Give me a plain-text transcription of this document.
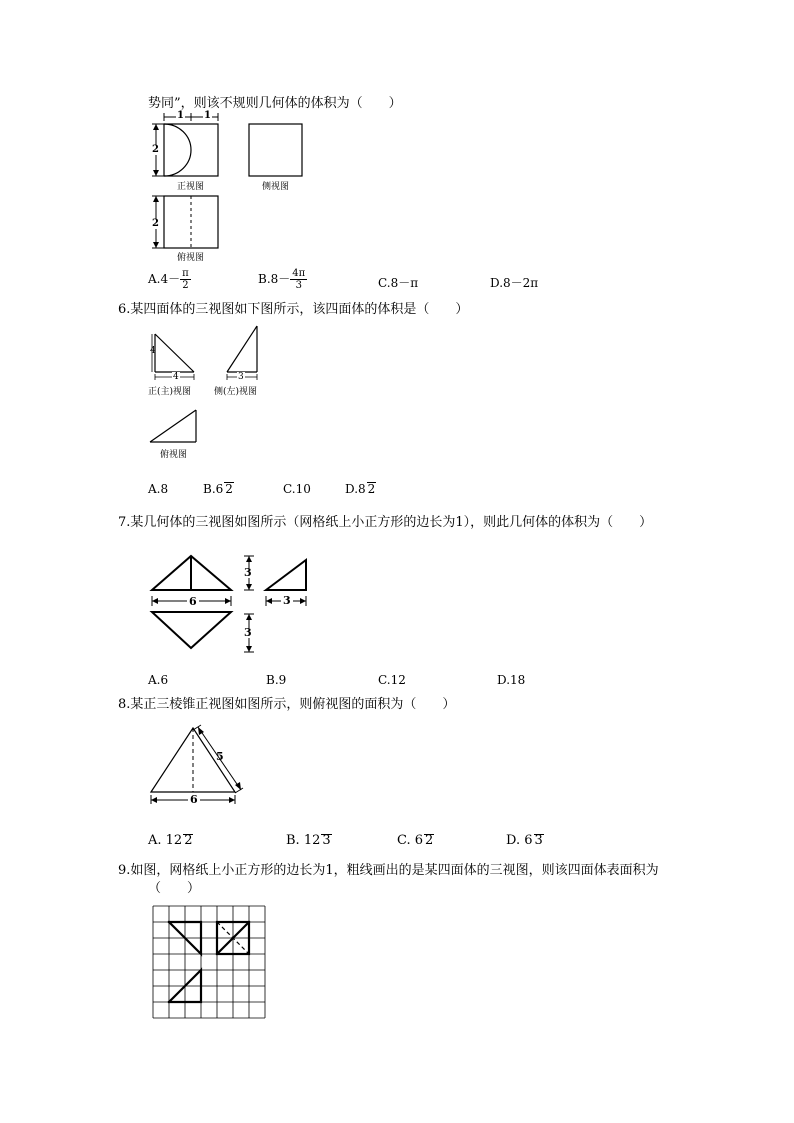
势同”，则该不规则几何体的体积为（　　）
1 1
2
正视图	侧视图
2
俯视图
$A.4- \frac{\pi}{2}$	$B.8- \frac{4\pi}{3}$	C.8－π	D.8－2π
6.某四面体的三视图如下图所示，该四面体的体积是（　　）
4
4
正(主)视图
3
侧(左)视图
俯视图
A.8	B.6 2	C.10	D.8 2
7.某几何体的三视图如图所示（网格纸上小正方形的边长为1），则此几何体的体积为（　　）
6
3
3
3
A.6	B.9	C.12	D.18
8.某正三棱锥正视图如图所示，则俯视图的面积为（　　）
5
6
A. 12 2	B. 12 3	C. 6 2	D. 6 3
9.如图，网格纸上小正方形的边长为1，粗线画出的是某四面体的三视图，则该四面体表面积为
（　　）
